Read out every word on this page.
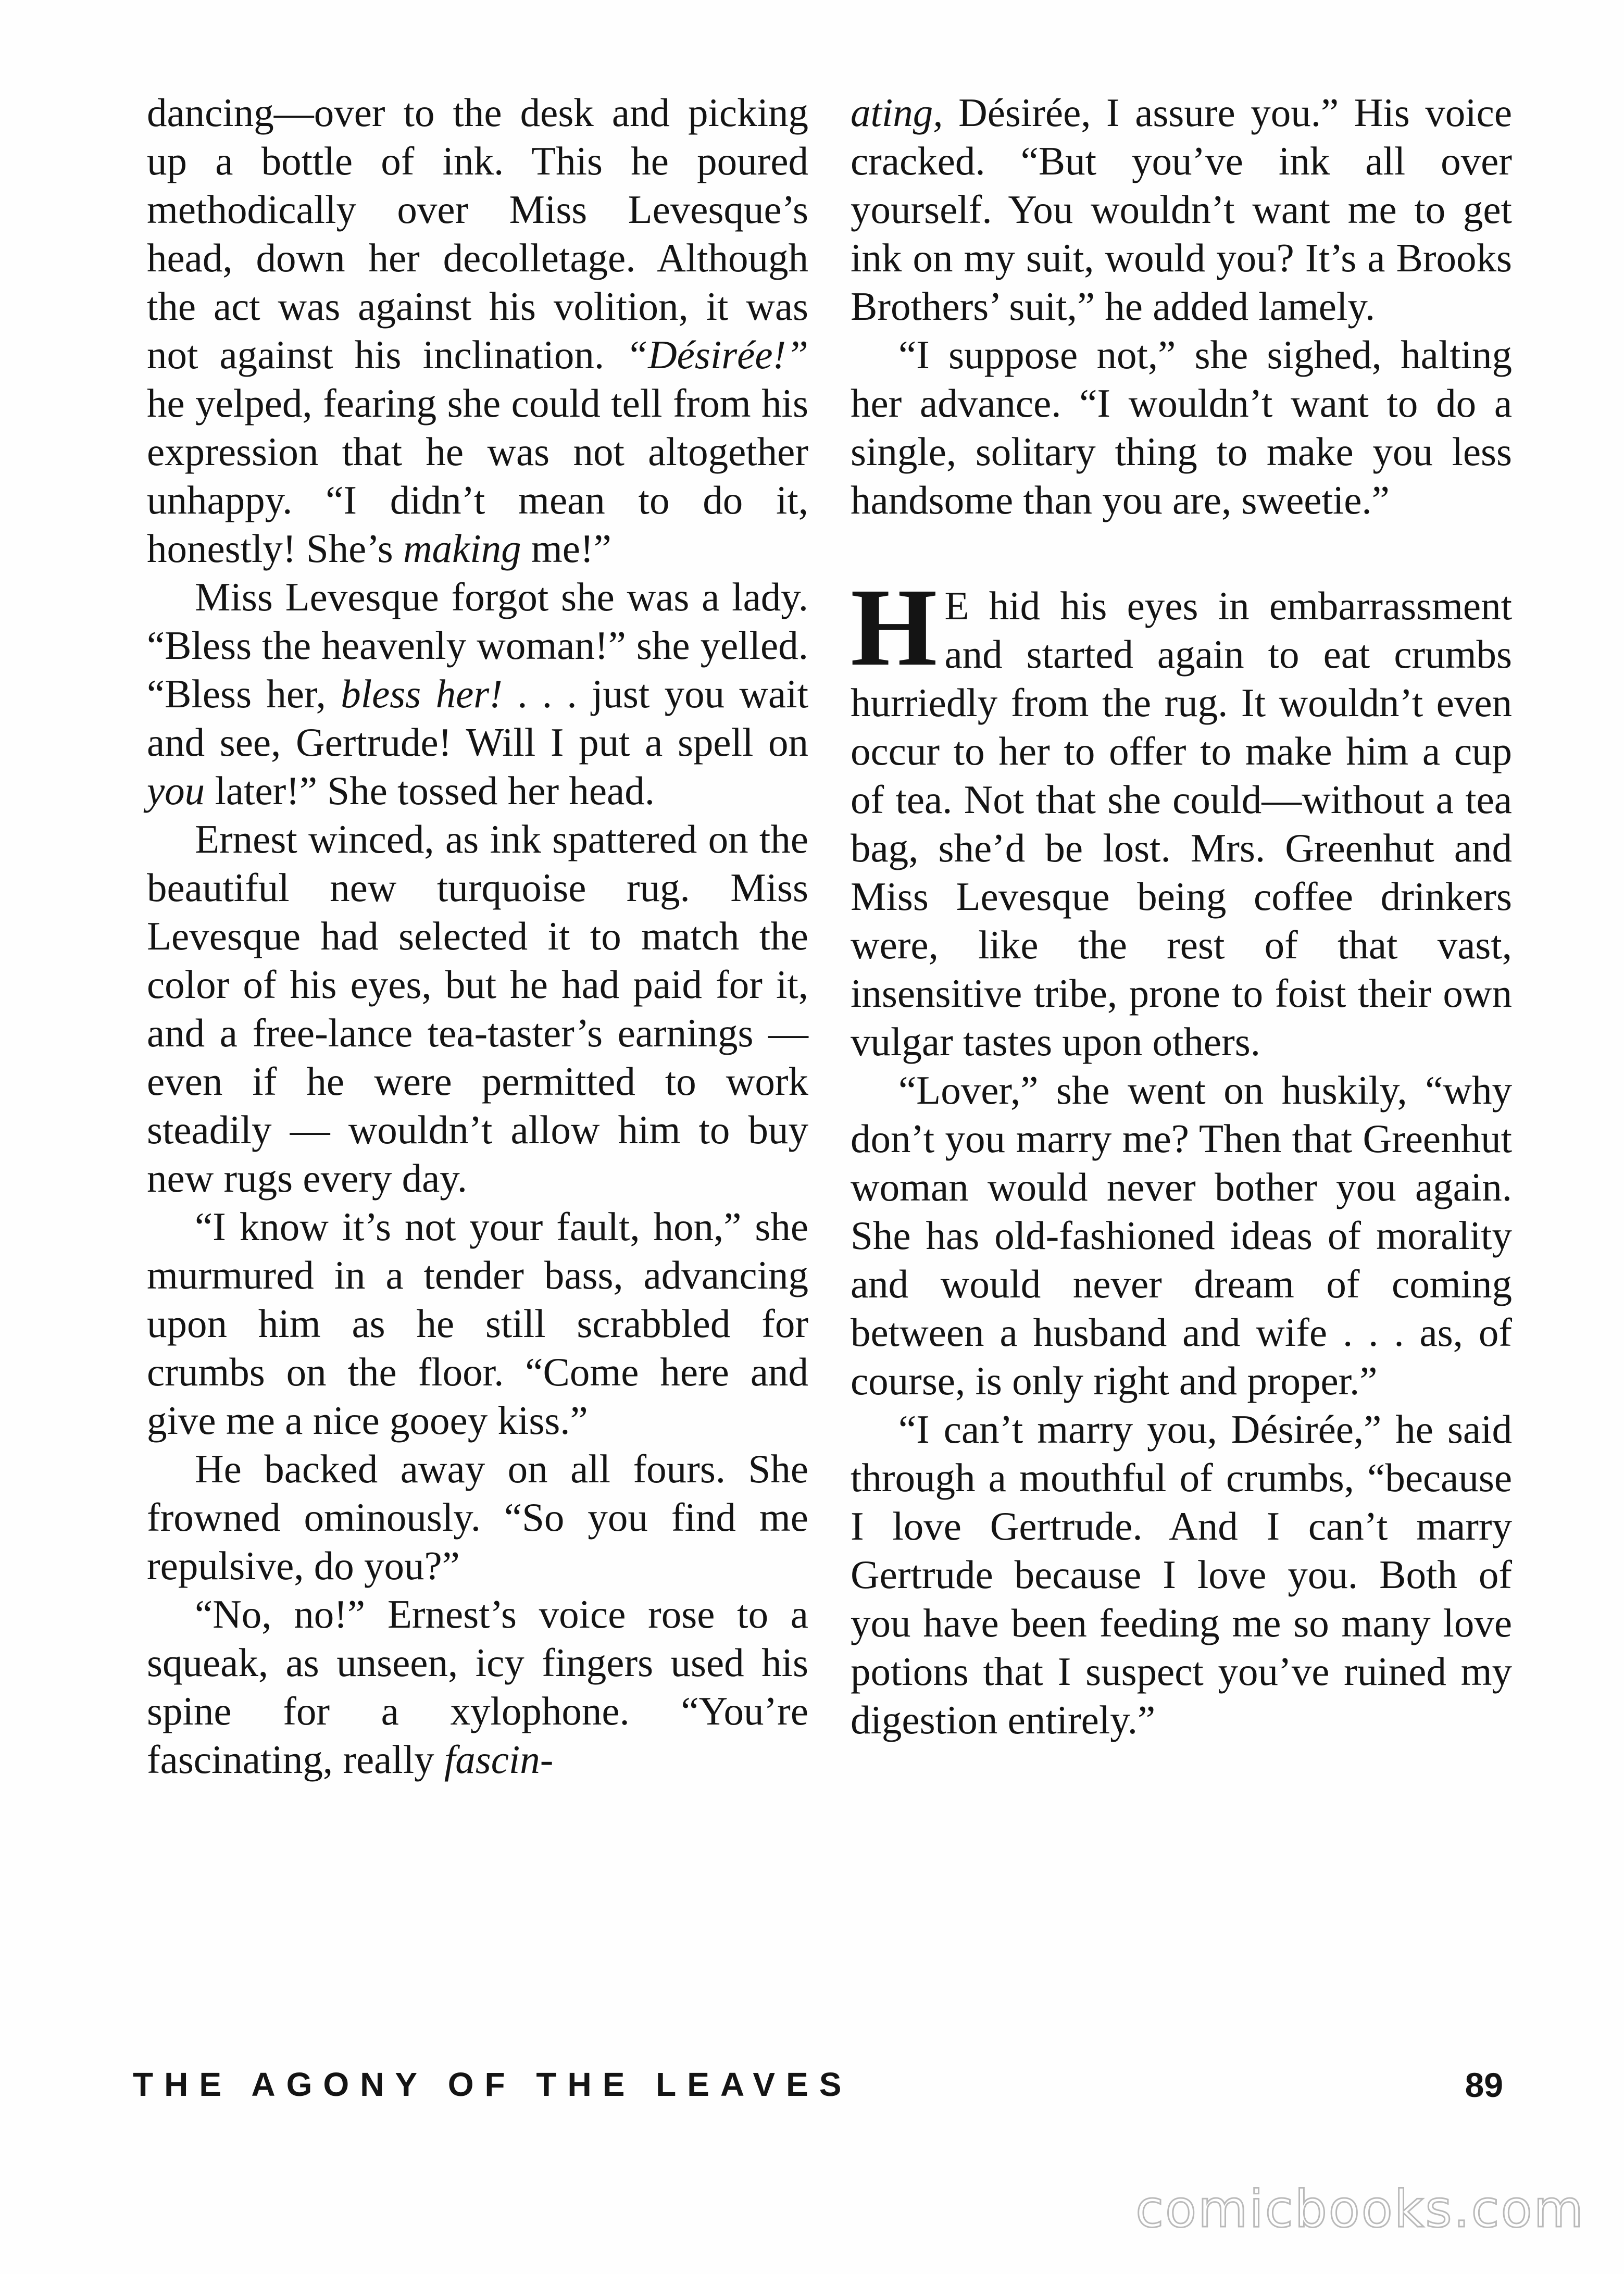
dancing—over to the desk and picking up a bottle of ink. This he poured methodically over Miss Levesque’s head, down her decolletage. Although the act was against his volition, it was not against his inclination. “Désirée!” he yelped, fearing she could tell from his expression that he was not altogether unhappy. “I didn’t mean to do it, honestly! She’s making me!”

Miss Levesque forgot she was a lady. “Bless the heavenly woman!” she yelled. “Bless her, bless her! . . . just you wait and see, Gertrude! Will I put a spell on you later!” She tossed her head.

Ernest winced, as ink spattered on the beautiful new turquoise rug. Miss Levesque had selected it to match the color of his eyes, but he had paid for it, and a free-lance tea-taster’s earnings — even if he were permitted to work steadily — wouldn’t allow him to buy new rugs every day.

“I know it’s not your fault, hon,” she murmured in a tender bass, advancing upon him as he still scrabbled for crumbs on the floor. “Come here and give me a nice gooey kiss.”

He backed away on all fours. She frowned ominously. “So you find me repulsive, do you?”

“No, no!” Ernest’s voice rose to a squeak, as unseen, icy fingers used his spine for a xylophone. “You’re fascinating, really fascin-

ating, Désirée, I assure you.” His voice cracked. “But you’ve ink all over yourself. You wouldn’t want me to get ink on my suit, would you? It’s a Brooks Brothers’ suit,” he added lamely.

“I suppose not,” she sighed, halting her advance. “I wouldn’t want to do a single, solitary thing to make you less handsome than you are, sweetie.”

H E hid his eyes in embarrassment and started again to eat crumbs hurriedly from the rug. It wouldn’t even occur to her to offer to make him a cup of tea. Not that she could—without a tea bag, she’d be lost. Mrs. Greenhut and Miss Levesque being coffee drinkers were, like the rest of that vast, insensitive tribe, prone to foist their own vulgar tastes upon others.

“Lover,” she went on huskily, “why don’t you marry me? Then that Greenhut woman would never bother you again. She has old-fashioned ideas of morality and would never dream of coming between a husband and wife . . . as, of course, is only right and proper.”

“I can’t marry you, Désirée,” he said through a mouthful of crumbs, “because I love Gertrude. And I can’t marry Gertrude because I love you. Both of you have been feeding me so many love potions that I suspect you’ve ruined my digestion entirely.”

THE AGONY OF THE LEAVES	89
comicbooks.com
